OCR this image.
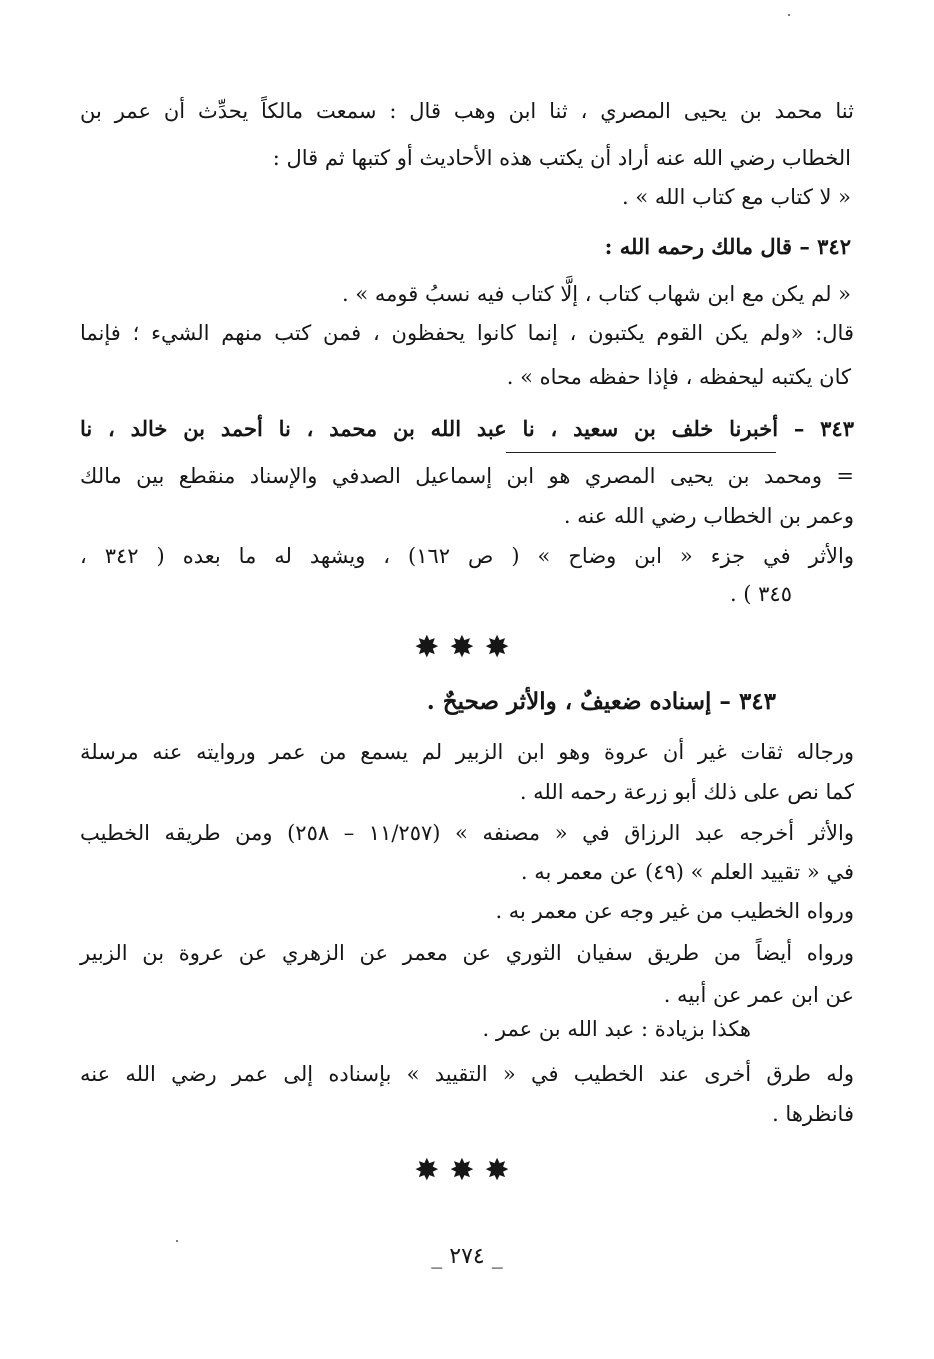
ثنا محمد بن يحيى المصري ، ثنا ابن وهب قال : سمعت مالكاً يحدِّث أن عمر بن
الخطاب رضي الله عنه أراد أن يكتب هذه الأحاديث أو كتبها ثم قال :
« لا كتاب مع كتاب الله » .
٣٤٢ – قال مالك رحمه الله :
« لم يكن مع ابن شهاب كتاب ، إلَّا كتاب فيه نسبُ قومه » .
قال: «ولم يكن القوم يكتبون ، إنما كانوا يحفظون ، فمن كتب منهم الشيء ؛ فإنما
كان يكتبه ليحفظه ، فإذا حفظه محاه » .
٣٤٣ – أخبرنا خلف بن سعيد ، نا عبد الله بن محمد ، نا أحمد بن خالد ، نا
= ومحمد بن يحيى المصري هو ابن إسماعيل الصدفي والإسناد منقطع بين مالك
وعمر بن الخطاب رضي الله عنه .
والأثر في جزء « ابن وضاح » ( ص ١٦٢) ، ويشهد له ما بعده ( ٣٤٢ ،
٣٤٥ ) .
✸✸✸
٣٤٣ – إسناده ضعيفٌ ، والأثر صحيحٌ .
ورجاله ثقات غير أن عروة وهو ابن الزبير لم يسمع من عمر وروايته عنه مرسلة
كما نص على ذلك أبو زرعة رحمه الله .
والأثر أخرجه عبد الرزاق في « مصنفه » (١١/٢٥٧ – ٢٥٨) ومن طريقه الخطيب
في « تقييد العلم » (٤٩) عن معمر به .
ورواه الخطيب من غير وجه عن معمر به .
ورواه أيضاً من طريق سفيان الثوري عن معمر عن الزهري عن عروة بن الزبير
عن ابن عمر عن أبيه .
هكذا بزيادة : عبد الله بن عمر .
وله طرق أخرى عند الخطيب في « التقييد » بإسناده إلى عمر رضي الله عنه
فانظرها .
✸✸✸
_ ٢٧٤ _
